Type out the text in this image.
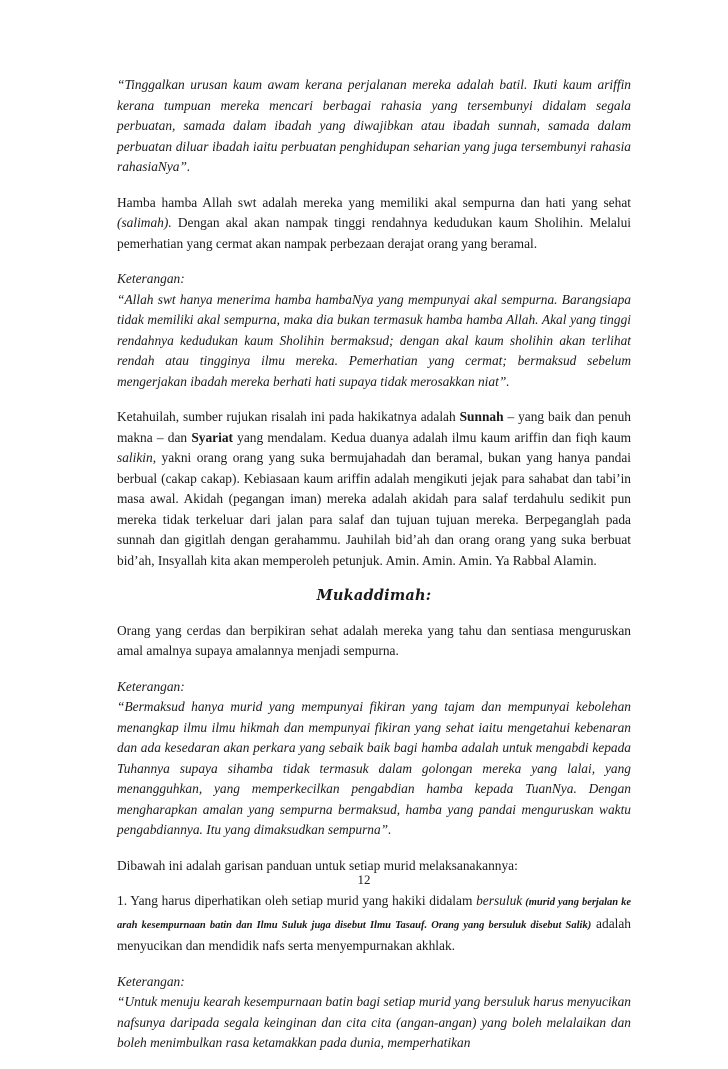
“Tinggalkan urusan kaum awam kerana perjalanan mereka adalah batil. Ikuti kaum ariffin kerana tumpuan mereka mencari berbagai rahasia yang tersembunyi didalam segala perbuatan, samada dalam ibadah yang diwajibkan atau ibadah sunnah, samada dalam perbuatan diluar ibadah iaitu perbuatan penghidupan seharian yang juga tersembunyi rahasia rahasiaNya”.

Hamba hamba Allah swt adalah mereka yang memiliki akal sempurna dan hati yang sehat (salimah). Dengan akal akan nampak tinggi rendahnya kedudukan kaum Sholihin. Melalui pemerhatian yang cermat akan nampak perbezaan derajat orang yang beramal.

Keterangan:
“Allah swt hanya menerima hamba hambaNya yang mempunyai akal sempurna. Barangsiapa tidak memiliki akal sempurna, maka dia bukan termasuk hamba hamba Allah. Akal yang tinggi rendahnya kedudukan kaum Sholihin bermaksud; dengan akal kaum sholihin akan terlihat rendah atau tingginya ilmu mereka. Pemerhatian yang cermat; bermaksud sebelum mengerjakan ibadah mereka berhati hati supaya tidak merosakkan niat”.

Ketahuilah, sumber rujukan risalah ini pada hakikatnya adalah Sunnah – yang baik dan penuh makna – dan Syariat yang mendalam. Kedua duanya adalah ilmu kaum ariffin dan fiqh kaum salikin, yakni orang orang yang suka bermujahadah dan beramal, bukan yang hanya pandai berbual (cakap cakap). Kebiasaan kaum ariffin adalah mengikuti jejak para sahabat dan tabi’in masa awal. Akidah (pegangan iman) mereka adalah akidah para salaf terdahulu sedikit pun mereka tidak terkeluar dari jalan para salaf dan tujuan tujuan mereka. Berpeganglah pada sunnah dan gigitlah dengan gerahammu. Jauhilah bid’ah dan orang orang yang suka berbuat bid’ah, Insyallah kita akan memperoleh petunjuk. Amin. Amin. Amin. Ya Rabbal Alamin.

Mukaddimah:

Orang yang cerdas dan berpikiran sehat adalah mereka yang tahu dan sentiasa menguruskan amal amalnya supaya amalannya menjadi sempurna.

Keterangan:
“Bermaksud hanya murid yang mempunyai fikiran yang tajam dan mempunyai kebolehan menangkap ilmu ilmu hikmah dan mempunyai fikiran yang sehat iaitu mengetahui kebenaran dan ada kesedaran akan perkara yang sebaik baik bagi hamba adalah untuk mengabdi kepada Tuhannya supaya sihamba tidak termasuk dalam golongan mereka yang lalai, yang menangguhkan, yang memperkecilkan pengabdian hamba kepada TuanNya. Dengan mengharapkan amalan yang sempurna bermaksud, hamba yang pandai menguruskan waktu pengabdiannya. Itu yang dimaksudkan sempurna”.

Dibawah ini adalah garisan panduan untuk setiap murid melaksanakannya:

1. Yang harus diperhatikan oleh setiap murid yang hakiki didalam bersuluk (murid yang berjalan ke arah kesempurnaan batin dan Ilmu Suluk juga disebut Ilmu Tasauf. Orang yang bersuluk disebut Salik) adalah menyucikan dan mendidik nafs serta menyempurnakan akhlak.

Keterangan:
“Untuk menuju kearah kesempurnaan batin bagi setiap murid yang bersuluk harus menyucikan nafsunya daripada segala keinginan dan cita cita (angan-angan) yang boleh melalaikan dan boleh menimbulkan rasa ketamakkan pada dunia, memperhatikan

12
